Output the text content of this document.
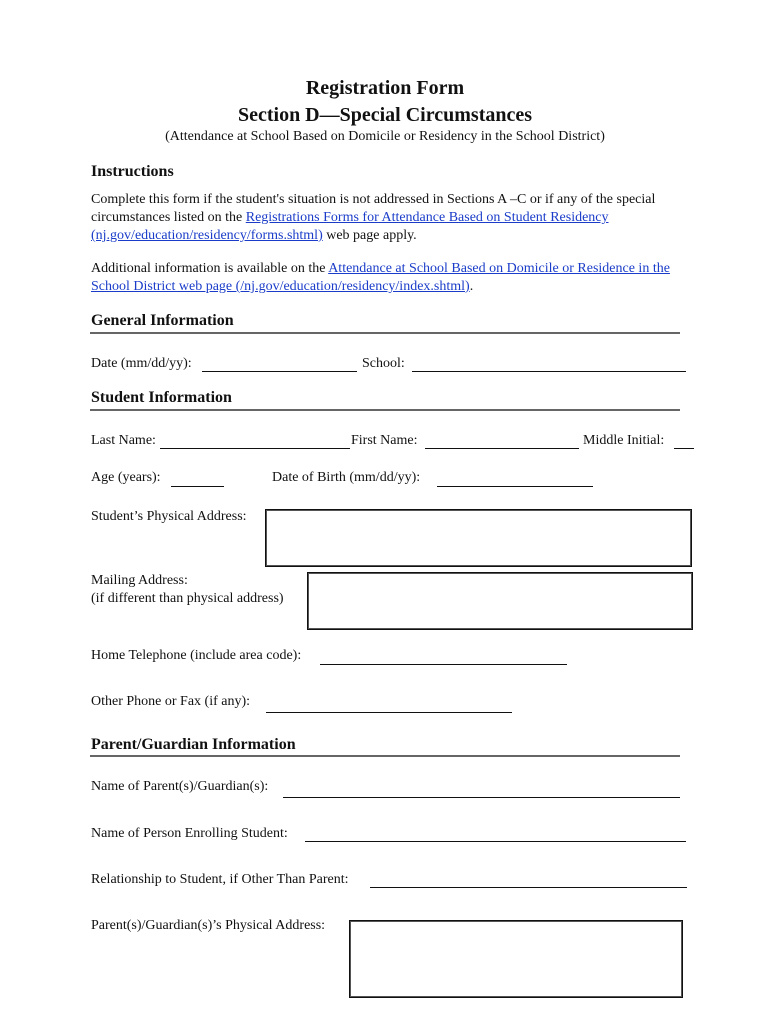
Registration Form
Section D—Special Circumstances
(Attendance at School Based on Domicile or Residency in the School District)
Instructions
Complete this form if the student's situation is not addressed in Sections A –C or if any of the special circumstances listed on the Registrations Forms for Attendance Based on Student Residency (nj.gov/education/residency/forms.shtml) web page apply.
Additional information is available on the Attendance at School Based on Domicile or Residence in the School District web page (/nj.gov/education/residency/index.shtml).
General Information
Date (mm/dd/yy):	School:
Student Information
Last Name:	First Name:	Middle Initial:
Age (years):	Date of Birth (mm/dd/yy):
Student’s Physical Address:
Mailing Address:
(if different than physical address)
Home Telephone (include area code):
Other Phone or Fax (if any):
Parent/Guardian Information
Name of Parent(s)/Guardian(s):
Name of Person Enrolling Student:
Relationship to Student, if Other Than Parent:
Parent(s)/Guardian(s)’s Physical Address:
